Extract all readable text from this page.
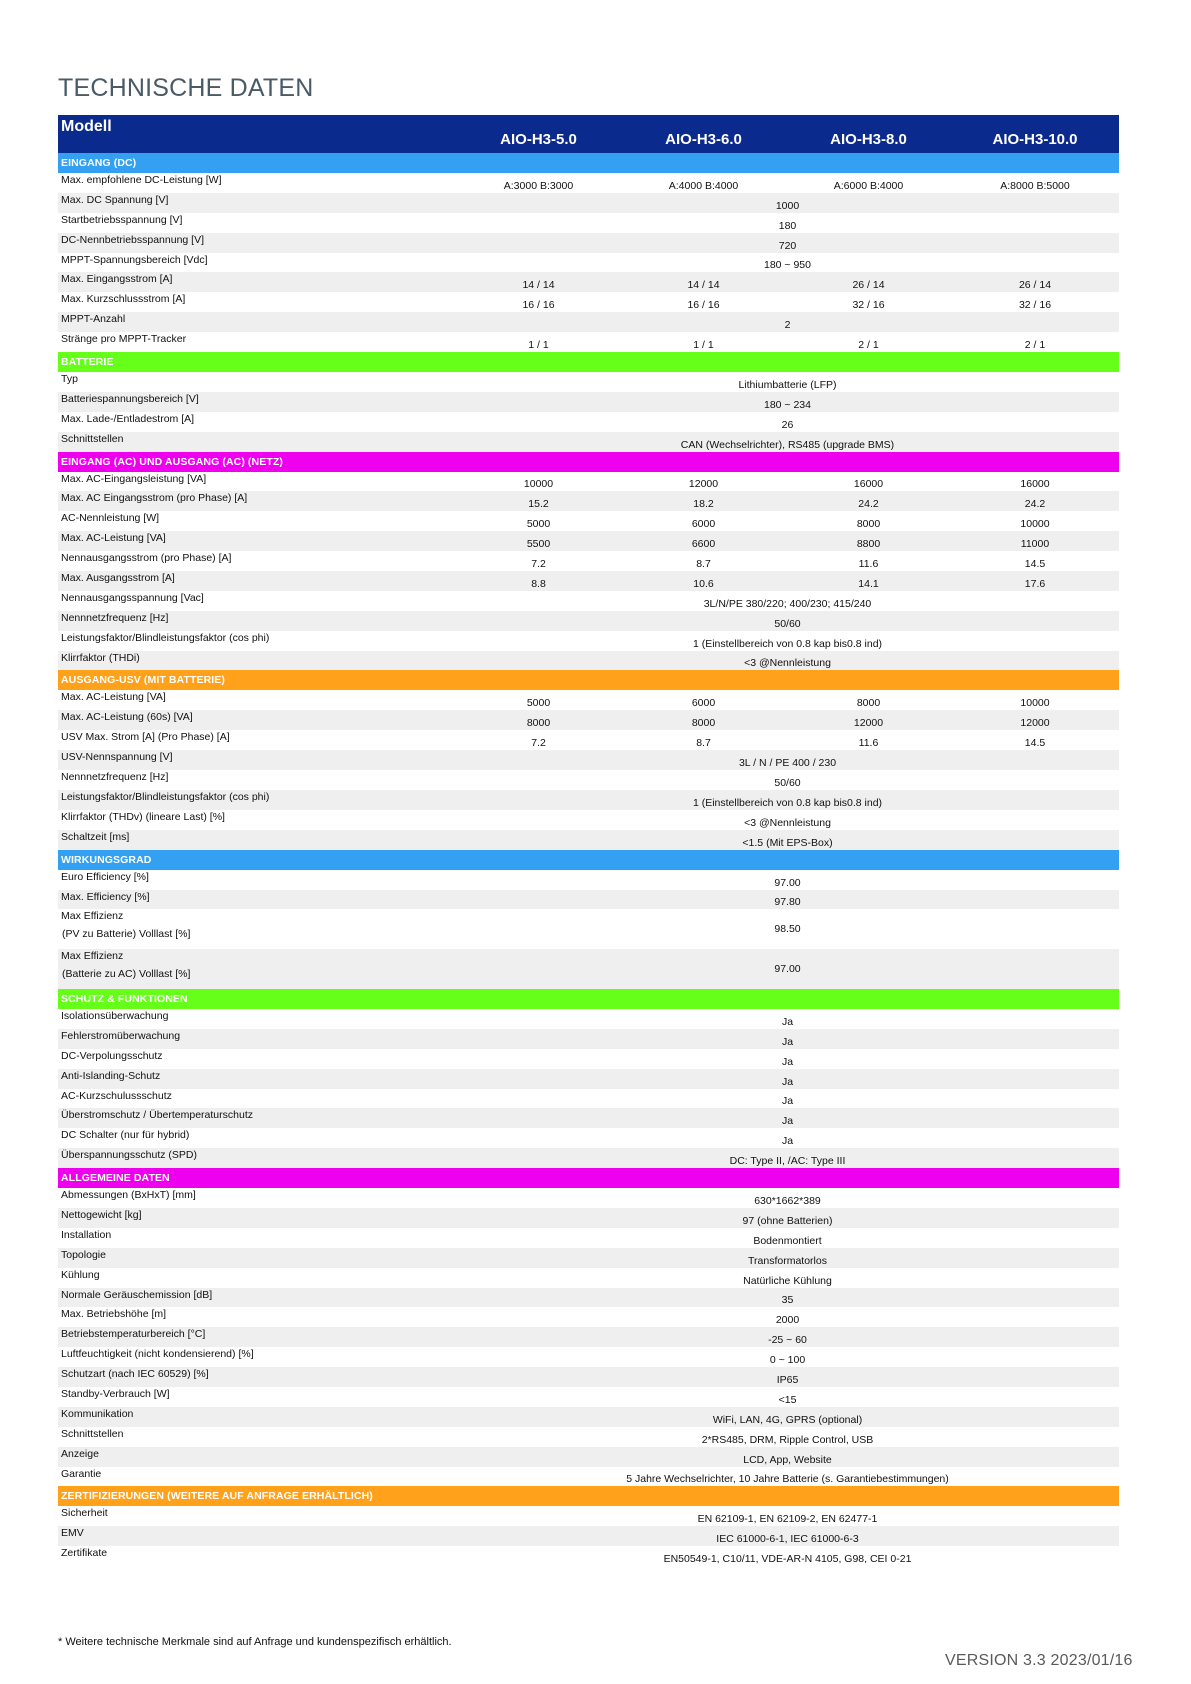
TECHNISCHE DATEN
Modell	AIO-H3-5.0	AIO-H3-6.0	AIO-H3-8.0	AIO-H3-10.0
EINGANG (DC)				

Max. empfohlene DC-Leistung [W]	A:3000 B:3000	A:4000 B:4000	A:6000 B:4000	A:8000 B:5000

Max. DC Spannung [V]	1000			

Startbetriebsspannung [V]	180			

DC-Nennbetriebsspannung [V]	720			

MPPT-Spannungsbereich [Vdc]	180 ~ 950			

Max. Eingangsstrom [A]	14 / 14	14 / 14	26 / 14	26 / 14

Max. Kurzschlussstrom [A]	16 / 16	16 / 16	32 / 16	32 / 16

MPPT-Anzahl	2			

Stränge pro MPPT-Tracker	1 / 1	1 / 1	2 / 1	2 / 1
BATTERIE				

Typ	Lithiumbatterie (LFP)			

Batteriespannungsbereich [V]	180 ~ 234			

Max. Lade-/Entladestrom [A]	26			

Schnittstellen	CAN (Wechselrichter), RS485 (upgrade BMS)			
EINGANG (AC) UND AUSGANG (AC) (NETZ)				

Max. AC-Eingangsleistung [VA]	10000	12000	16000	16000

Max. AC Eingangsstrom (pro Phase) [A]	15.2	18.2	24.2	24.2

AC-Nennleistung [W]	5000	6000	8000	10000

Max. AC-Leistung [VA]	5500	6600	8800	11000

Nennausgangsstrom (pro Phase) [A]	7.2	8.7	11.6	14.5

Max. Ausgangsstrom [A]	8.8	10.6	14.1	17.6

Nennausgangsspannung [Vac]	3L/N/PE 380/220; 400/230; 415/240			

Nennnetzfrequenz [Hz]	50/60			

Leistungsfaktor/Blindleistungsfaktor (cos phi)	1 (Einstellbereich von 0.8 kap bis0.8 ind)			

Klirrfaktor (THDi)	<3 @Nennleistung			
AUSGANG-USV (MIT BATTERIE)				

Max. AC-Leistung [VA]	5000	6000	8000	10000

Max. AC-Leistung (60s) [VA]	8000	8000	12000	12000

USV Max. Strom [A] (Pro Phase) [A]	7.2	8.7	11.6	14.5

USV-Nennspannung [V]	3L / N / PE 400 / 230			

Nennnetzfrequenz [Hz]	50/60			

Leistungsfaktor/Blindleistungsfaktor (cos phi)	1 (Einstellbereich von 0.8 kap bis0.8 ind)			

Klirrfaktor (THDv) (lineare Last) [%]	<3 @Nennleistung			

Schaltzeit [ms]	<1.5 (Mit EPS-Box)			
WIRKUNGSGRAD				

Euro Efficiency [%]	97.00			

Max. Efficiency [%]	97.80			

Max Effizienz
(PV zu Batterie) Volllast [%]	98.50			

Max Effizienz
(Batterie zu AC) Volllast [%]	97.00			
SCHUTZ & FUNKTIONEN				

Isolationsüberwachung	Ja			

Fehlerstromüberwachung	Ja			

DC-Verpolungsschutz	Ja			

Anti-Islanding-Schutz	Ja			

AC-Kurzschulussschutz	Ja			

Überstromschutz / Übertemperaturschutz	Ja			

DC Schalter (nur für hybrid)	Ja			

Überspannungsschutz (SPD)	DC: Type II, /AC: Type III			
ALLGEMEINE DATEN				

Abmessungen (BxHxT) [mm]	630*1662*389			

Nettogewicht [kg]	97 (ohne Batterien)			

Installation	Bodenmontiert			

Topologie	Transformatorlos			

Kühlung	Natürliche Kühlung			

Normale Geräuschemission [dB]	35			

Max. Betriebshöhe [m]	2000			

Betriebstemperaturbereich [°C]	-25 ~ 60			

Luftfeuchtigkeit (nicht kondensierend) [%]	0 ~ 100			

Schutzart (nach IEC 60529) [%]	IP65			

Standby-Verbrauch [W]	<15			

Kommunikation	WiFi, LAN, 4G, GPRS (optional)			

Schnittstellen	2*RS485, DRM, Ripple Control, USB			

Anzeige	LCD, App, Website			

Garantie	5 Jahre Wechselrichter, 10 Jahre Batterie (s. Garantiebestimmungen)			
ZERTIFIZIERUNGEN (WEITERE AUF ANFRAGE ERHÄLTLICH)				

Sicherheit	EN 62109-1, EN 62109-2, EN 62477-1			

EMV	IEC 61000-6-1, IEC 61000-6-3			

Zertifikate	EN50549-1, C10/11, VDE-AR-N 4105, G98, CEI 0-21			
* Weitere technische Merkmale sind auf Anfrage und kundenspezifisch erhältlich.
VERSION 3.3 2023/01/16
